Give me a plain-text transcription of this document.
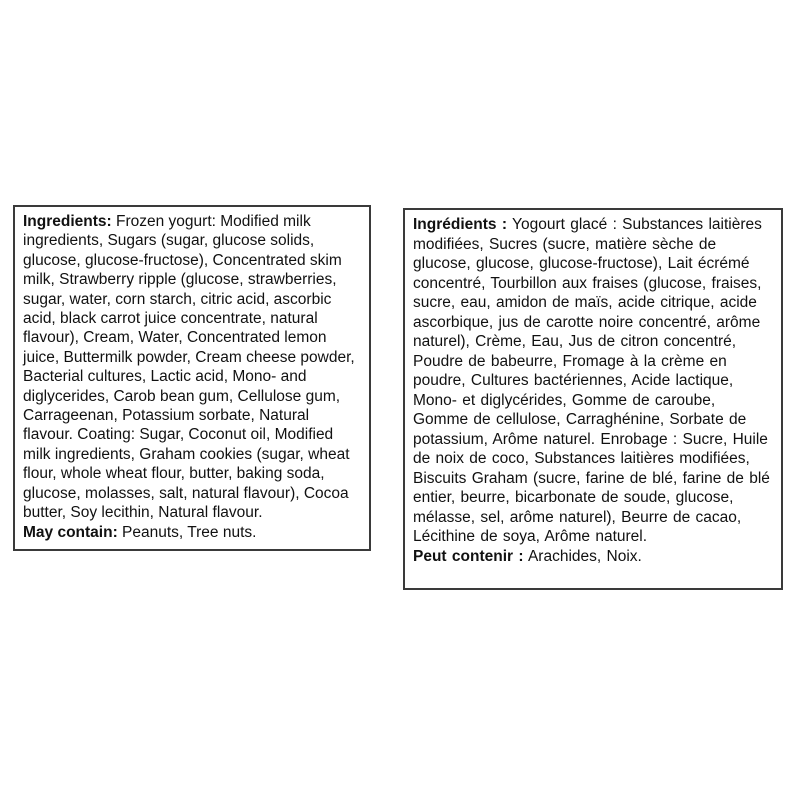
Ingredients: Frozen yogurt: Modified milk ingredients, Sugars (sugar, glucose solids, glucose, glucose-fructose), Concentrated skim milk, Strawberry ripple (glucose, strawberries, sugar, water, corn starch, citric acid, ascorbic acid, black carrot juice concentrate, natural flavour), Cream, Water, Concentrated lemon juice, Buttermilk powder, Cream cheese powder, Bacterial cultures, Lactic acid, Mono- and diglycerides, Carob bean gum, Cellulose gum, Carrageenan, Potassium sorbate, Natural flavour. Coating: Sugar, Coconut oil, Modified milk ingredients, Graham cookies (sugar, wheat flour, whole wheat flour, butter, baking soda, glucose, molasses, salt, natural flavour), Cocoa butter, Soy lecithin, Natural flavour.

May contain: Peanuts, Tree nuts.

Ingrédients : Yogourt glacé : Substances laitières modifiées, Sucres (sucre, matière sèche de glucose, glucose, glucose-fructose), Lait écrémé concentré, Tourbillon aux fraises (glucose, fraises, sucre, eau, amidon de maïs, acide citrique, acide ascorbique, jus de carotte noire concentré, arôme naturel), Crème, Eau, Jus de citron concentré, Poudre de babeurre, Fromage à la crème en poudre, Cultures bactériennes, Acide lactique, Mono- et diglycérides, Gomme de caroube, Gomme de cellulose, Carraghénine, Sorbate de potassium, Arôme naturel. Enrobage : Sucre, Huile de noix de coco, Substances laitières modifiées, Biscuits Graham (sucre, farine de blé, farine de blé entier, beurre, bicarbonate de soude, glucose, mélasse, sel, arôme naturel), Beurre de cacao, Lécithine de soya, Arôme naturel.

Peut contenir : Arachides, Noix.
